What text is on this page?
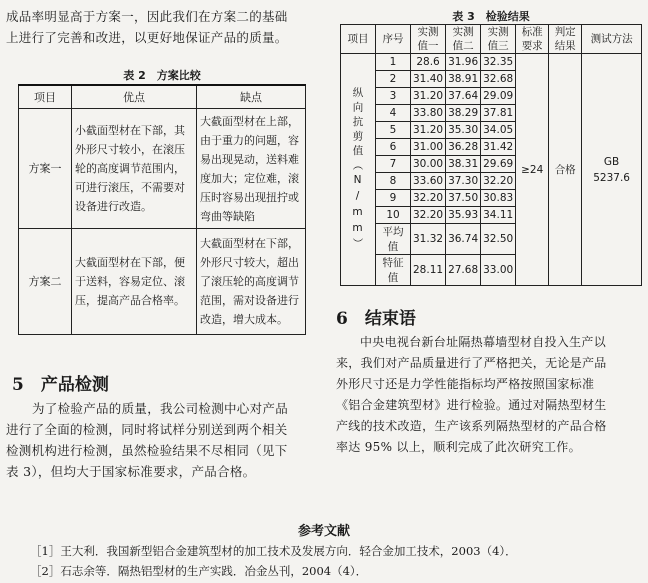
成品率明显高于方案一，因此我们在方案二的基础
上进行了完善和改进，以更好地保证产品的质量。
表 2　方案比较
项目	优点	缺点
方案一	小截面型材在下部，其外形尺寸较小，在滚压轮的高度调节范围内，可进行滚压，不需要对设备进行改造。	大截面型材在上部，由于重力的问题，容易出现晃动，送料难度加大；定位难，滚压时容易出现扭拧或弯曲等缺陷
方案二	大截面型材在下部，便于送料，容易定位、滚压，提高产品合格率。	大截面型材在下部，外形尺寸较大，超出了滚压轮的高度调节范围，需对设备进行改造，增大成本。
5　产品检测
为了检验产品的质量，我公司检测中心对产品
进行了全面的检测，同时将试样分别送到两个相关
检测机构进行检测，虽然检验结果不尽相同（见下
表 3），但均大于国家标准要求，产品合格。
表 3　检验结果
项目	序号	实测值一	实测值二	实测值三	标准要求	判定结果	测试方法
纵向抗剪值（N/mm）	1	28.6	31.96	32.35	≥24	合格	GB 5237.6
	2	31.40	38.91	32.68			
	3	31.20	37.64	29.09			
	4	33.80	38.29	37.81			
	5	31.20	35.30	34.05			
	6	31.00	36.28	31.42			
	7	30.00	38.31	29.69			
	8	33.60	37.30	32.20			
	9	32.20	37.50	30.83			
	10	32.20	35.93	34.11			
	平均值	31.32	36.74	32.50			
	特征值	28.11	27.68	33.00			
6　结束语
中央电视台新台址隔热幕墙型材自投入生产以
来，我们对产品质量进行了严格把关，无论是产品
外形尺寸还是力学性能指标均严格按照国家标准
《铝合金建筑型材》进行检验。通过对隔热型材生
产线的技术改造，生产该系列隔热型材的产品合格
率达 95% 以上，顺利完成了此次研究工作。
参考文献
［1］王大利．我国新型铝合金建筑型材的加工技术及发展方向．轻合金加工技术，2003（4）．
［2］石志余等．隔热铝型材的生产实践．冶金丛刊，2004（4）．
